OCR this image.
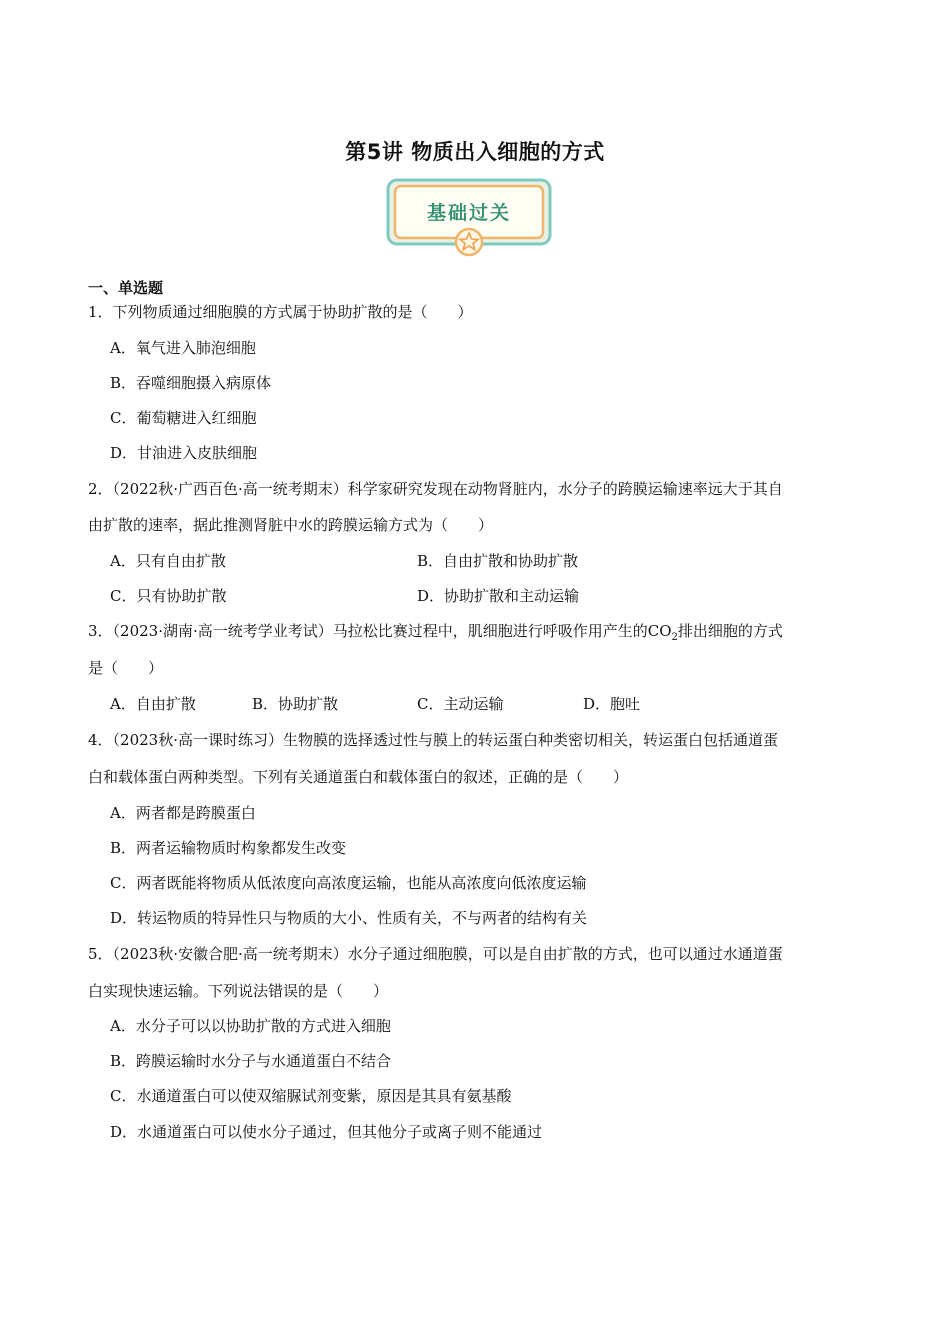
第5讲 物质出入细胞的方式
基础过关
一、单选题
1．下列物质通过细胞膜的方式属于协助扩散的是（　　）
A．氧气进入肺泡细胞
B．吞噬细胞摄入病原体
C．葡萄糖进入红细胞
D．甘油进入皮肤细胞
2．（2022秋·广西百色·高一统考期末）科学家研究发现在动物肾脏内，水分子的跨膜运输速率远大于其自
由扩散的速率，据此推测肾脏中水的跨膜运输方式为（　　）
A．只有自由扩散	B．自由扩散和协助扩散
C．只有协助扩散	D．协助扩散和主动运输
3．（2023·湖南·高一统考学业考试）马拉松比赛过程中，肌细胞进行呼吸作用产生的$CO_2$排出细胞的方式
是（　　）
A．自由扩散	B．协助扩散	C．主动运输	D．胞吐
4．（2023秋·高一课时练习）生物膜的选择透过性与膜上的转运蛋白种类密切相关，转运蛋白包括通道蛋
白和载体蛋白两种类型。下列有关通道蛋白和载体蛋白的叙述，正确的是（　　）
A．两者都是跨膜蛋白
B．两者运输物质时构象都发生改变
C．两者既能将物质从低浓度向高浓度运输，也能从高浓度向低浓度运输
D．转运物质的特异性只与物质的大小、性质有关，不与两者的结构有关
5．（2023秋·安徽合肥·高一统考期末）水分子通过细胞膜，可以是自由扩散的方式，也可以通过水通道蛋
白实现快速运输。下列说法错误的是（　　）
A．水分子可以以协助扩散的方式进入细胞
B．跨膜运输时水分子与水通道蛋白不结合
C．水通道蛋白可以使双缩脲试剂变紫，原因是其具有氨基酸
D．水通道蛋白可以使水分子通过，但其他分子或离子则不能通过
